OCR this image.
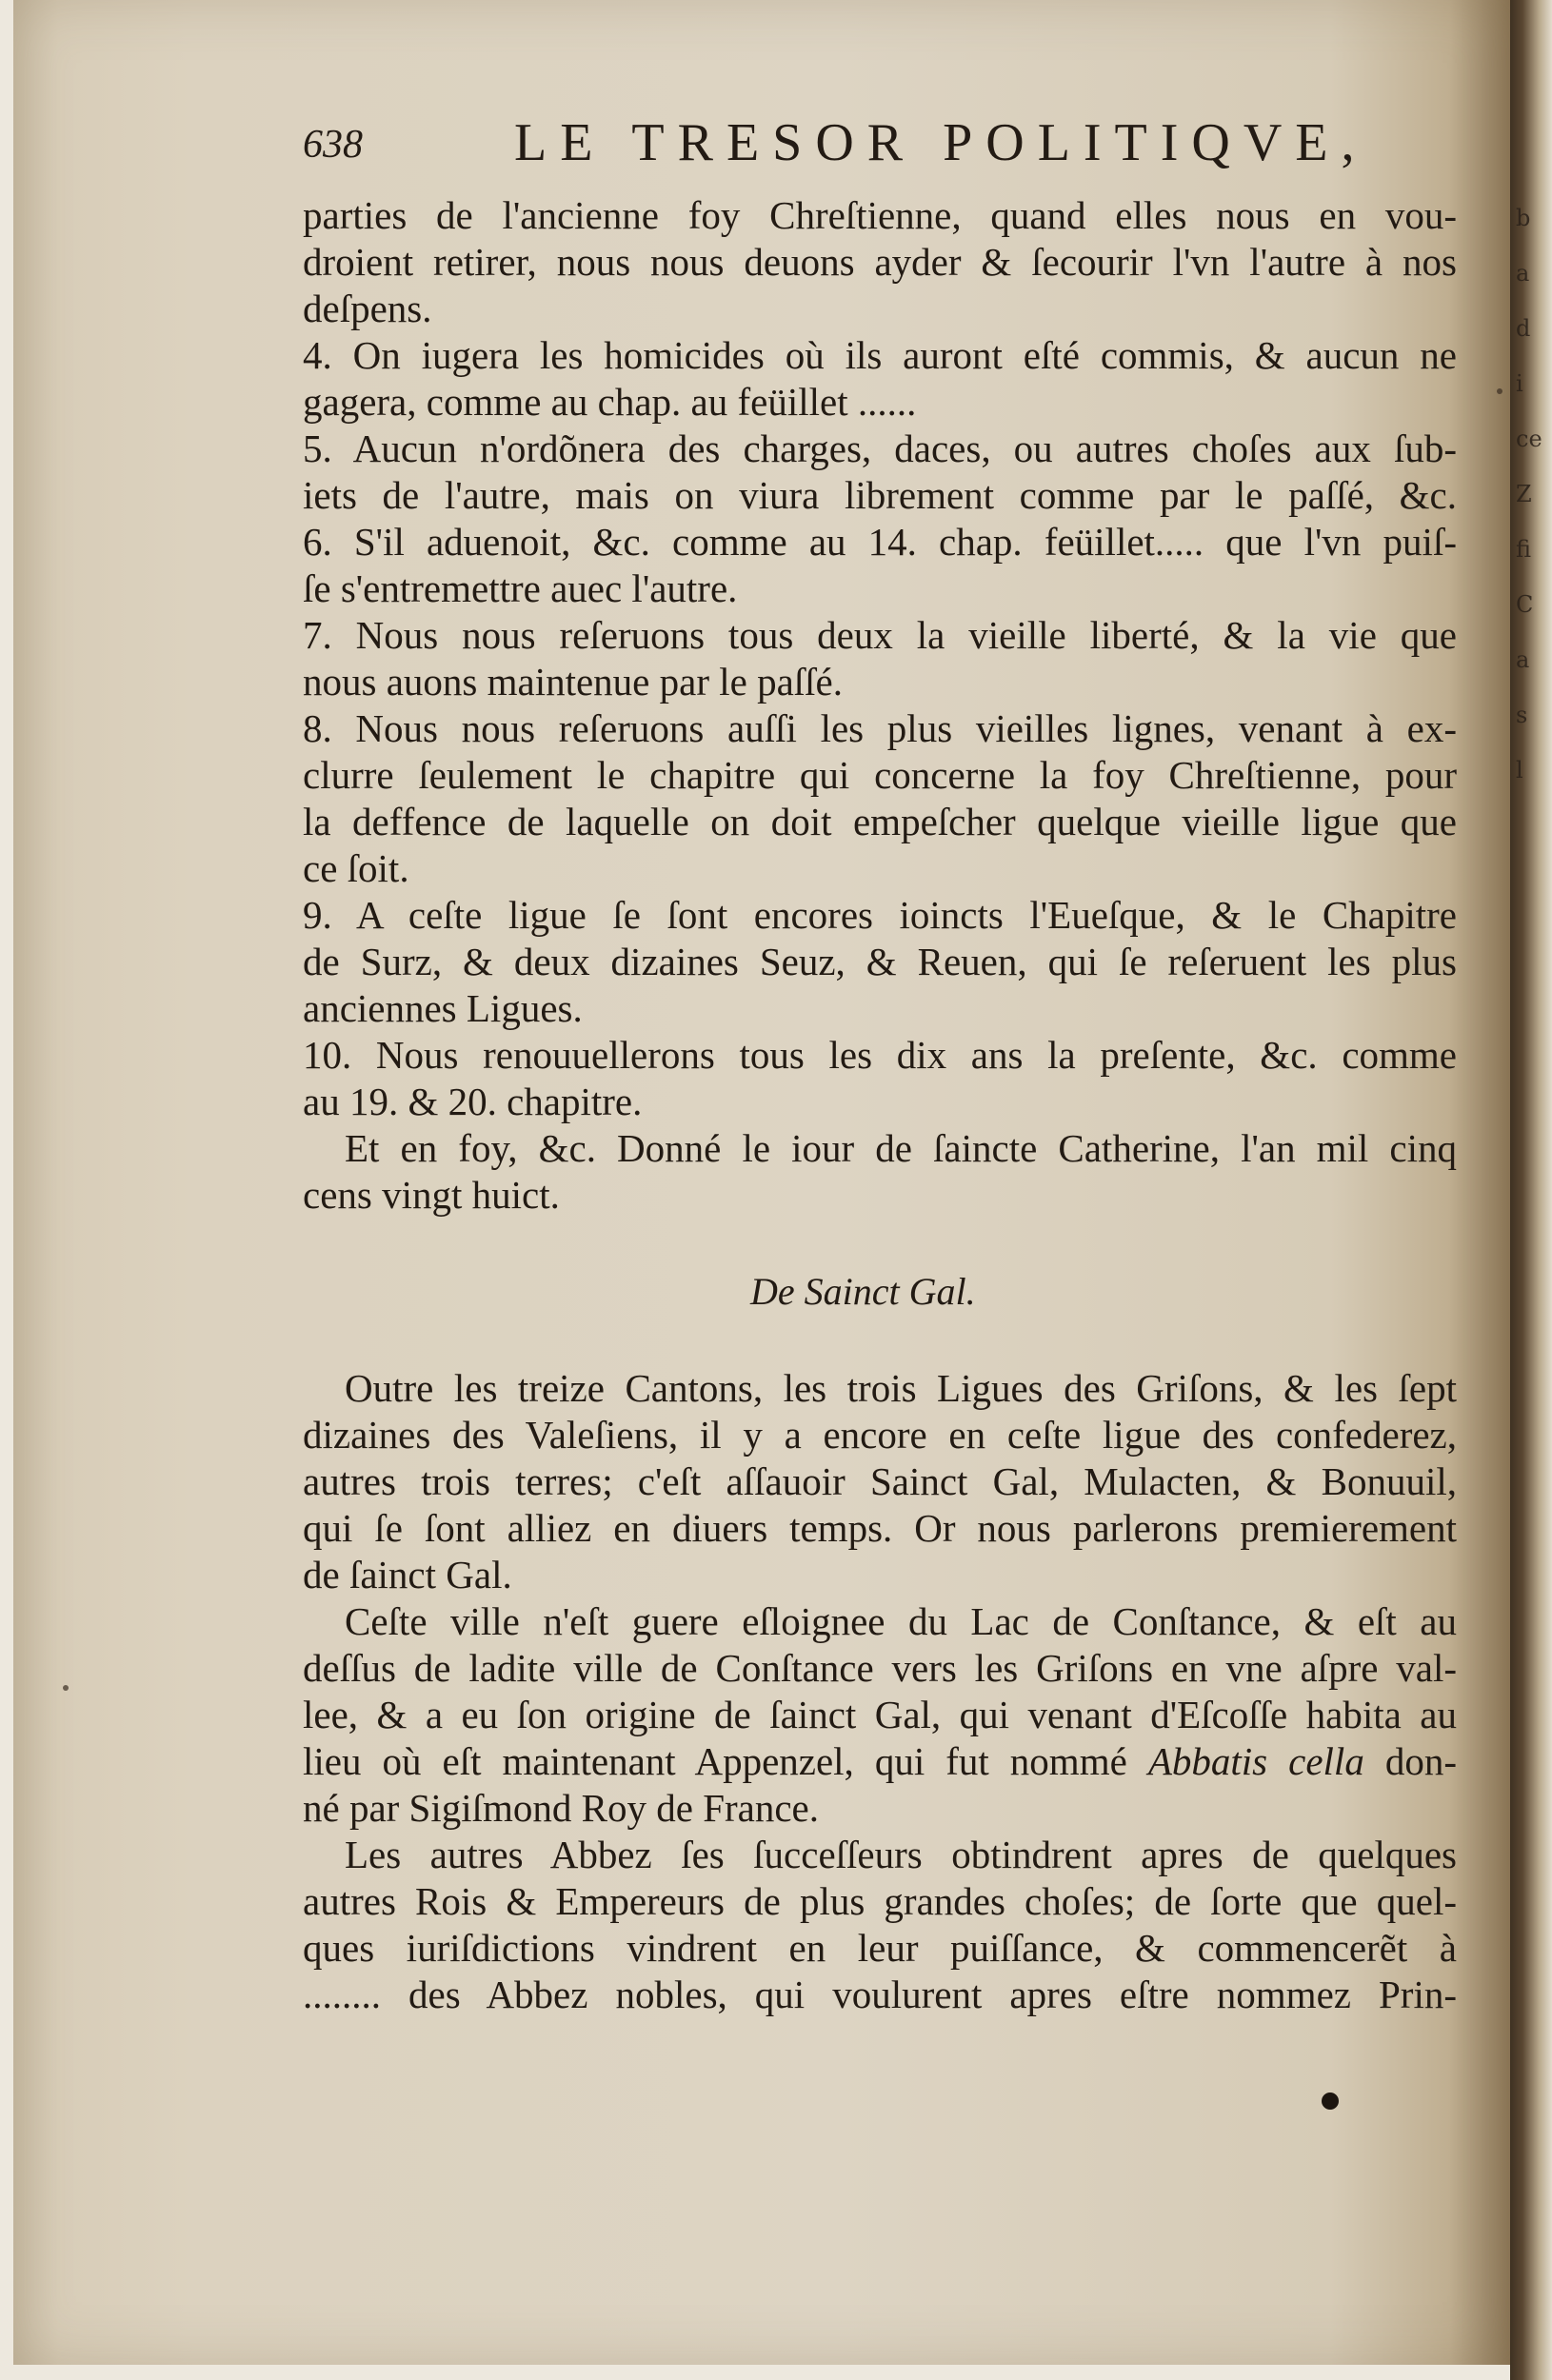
b
a
d
i
ce
Z
fi
C
a
s
l
638	LE TRESOR POLITIQVE,
parties de l'ancienne foy Chreſtienne, quand elles nous en vou-
droient retirer, nous nous deuons ayder & ſecourir l'vn l'autre à nos
deſpens.
4. On iugera les homicides où ils auront eſté commis, & aucun ne
gagera, comme au chap. au feüillet ......
5. Aucun n'ordõnera des charges, daces, ou autres choſes aux ſub-
iets de l'autre, mais on viura librement comme par le paſſé, &c.
6. S'il aduenoit, &c. comme au 14. chap. feüillet..... que l'vn puiſ-
ſe s'entremettre auec l'autre.
7. Nous nous reſeruons tous deux la vieille liberté, & la vie que
nous auons maintenue par le paſſé.
8. Nous nous reſeruons auſſi les plus vieilles lignes, venant à ex-
clurre ſeulement le chapitre qui concerne la foy Chreſtienne, pour
la deffence de laquelle on doit empeſcher quelque vieille ligue que
ce ſoit.
9. A ceſte ligue ſe ſont encores ioincts l'Eueſque, & le Chapitre
de Surz, & deux dizaines Seuz, & Reuen, qui ſe reſeruent les plus
anciennes Ligues.
10. Nous renouuellerons tous les dix ans la preſente, &c. comme
au 19. & 20. chapitre.
Et en foy, &c. Donné le iour de ſaincte Catherine, l'an mil cinq
cens vingt huict.
De Sainct Gal.
Outre les treize Cantons, les trois Ligues des Griſons, & les ſept
dizaines des Valeſiens, il y a encore en ceſte ligue des confederez,
autres trois terres; c'eſt aſſauoir Sainct Gal, Mulacten, & Bonuuil,
qui ſe ſont alliez en diuers temps. Or nous parlerons premierement
de ſainct Gal.
Ceſte ville n'eſt guere eſloignee du Lac de Conſtance, & eſt au
deſſus de ladite ville de Conſtance vers les Griſons en vne aſpre val-
lee, & a eu ſon origine de ſainct Gal, qui venant d'Eſcoſſe habita au
lieu où eſt maintenant Appenzel, qui fut nommé Abbatis cella don-
né par Sigiſmond Roy de France.
Les autres Abbez ſes ſucceſſeurs obtindrent apres de quelques
autres Rois & Empereurs de plus grandes choſes; de ſorte que quel-
ques iuriſdictions vindrent en leur puiſſance, & commencerẽt à
........ des Abbez nobles, qui voulurent apres eſtre nommez Prin-
